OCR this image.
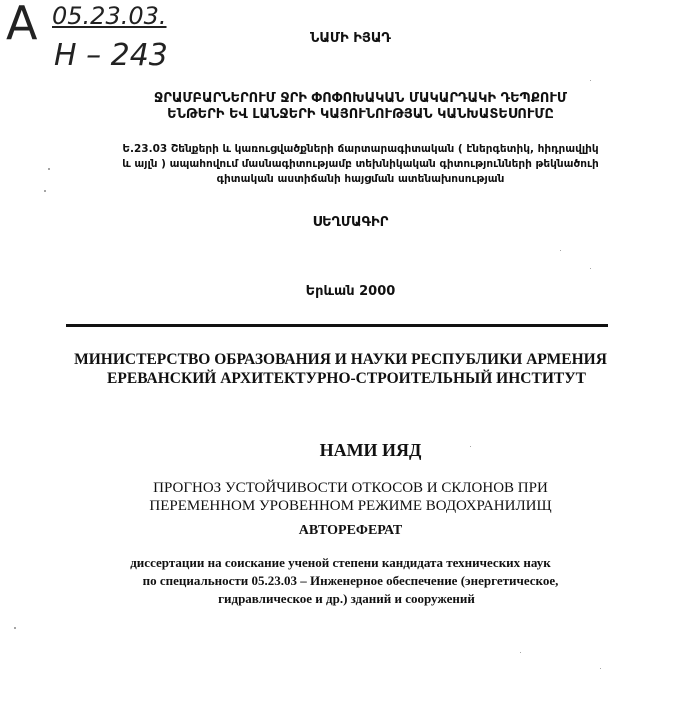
А 05.23.03.
Н – 243	ՆԱՄԻ ԻՅԱԴ
ՋՐԱՄԲԱՐՆԵՐՈՒՄ ՋՐԻ ՓՈՓՈԽԱԿԱՆ ՄԱԿԱՐԴԱԿԻ ԴԵՊՔՈՒՄ
ԵՆԹԵՐԻ ԵՎ ԼԱՆՋԵՐԻ ԿԱՅՈՒՆՈՒԹՅԱՆ ԿԱՆԽԱՏԵՍՈՒՄԸ
Ե.23.03 Շենքերի և կառուցվածքների ճարտարագիտական ( էներգետիկ, հիդրավլիկ
և այլն ) ապահովում մասնագիտությամբ տեխնիկական գիտությունների թեկնածուի
գիտական աստիճանի հայցման ատենախոսության
ՍԵՂՄԱԳԻՐ
Երևան 2000
МИНИСТЕРСТВО ОБРАЗОВАНИЯ И НАУКИ РЕСПУБЛИКИ АРМЕНИЯ
ЕРЕВАНСКИЙ АРХИТЕКТУРНО-СТРОИТЕЛЬНЫЙ ИНСТИТУТ
НАМИ ИЯД
ПРОГНОЗ УСТОЙЧИВОСТИ ОТКОСОВ И СКЛОНОВ ПРИ
ПЕРЕМЕННОМ УРОВЕННОМ РЕЖИМЕ ВОДОХРАНИЛИЩ
АВТОРЕФЕРАТ
диссертации на соискание ученой степени кандидата технических наук
по специальности 05.23.03 – Инженерное обеспечение (энергетическое,
гидравлическое и др.) зданий и сооружений
